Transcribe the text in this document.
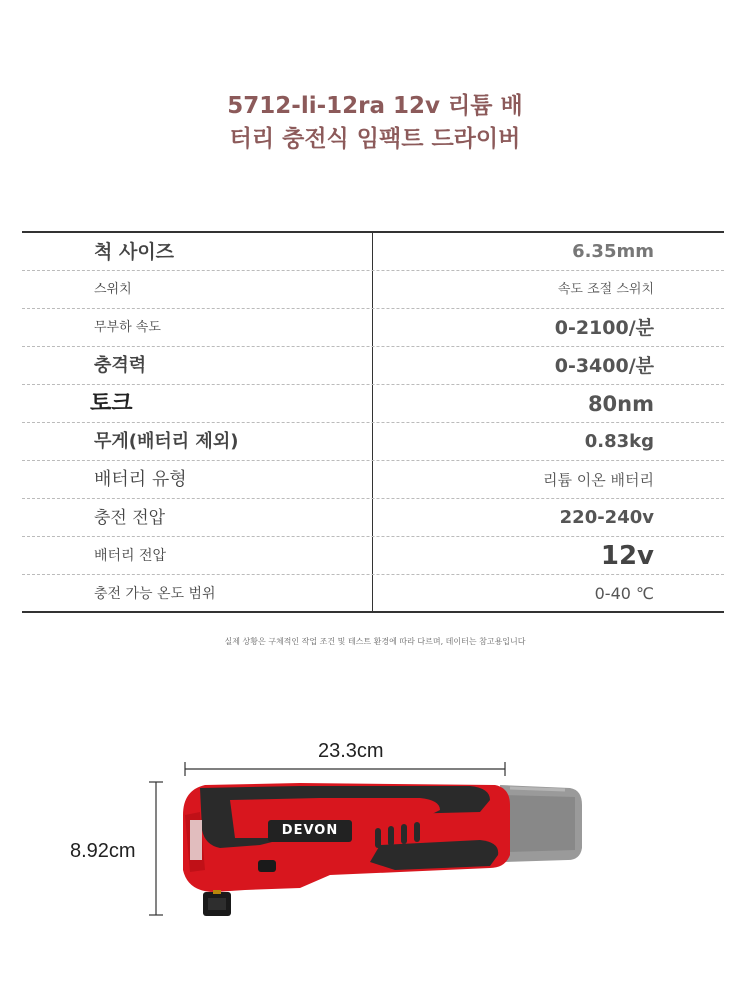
5712-li-12ra 12v 리튬 배
터리 충전식 임팩트 드라이버
척 사이즈	6.35mm
스위치	속도 조절 스위치
무부하 속도	0-2100/분
충격력	0-3400/분
토크	80nm
무게(배터리 제외)	0.83kg
배터리 유형	리튬 이온 배터리
충전 전압	220-240v
배터리 전압	12v
충전 가능 온도 범위	0-40 ℃
실제 상황은 구체적인 작업 조건 및 테스트 환경에 따라 다르며, 데이터는 참고용입니다
DEVON
23.3cm
8.92cm
